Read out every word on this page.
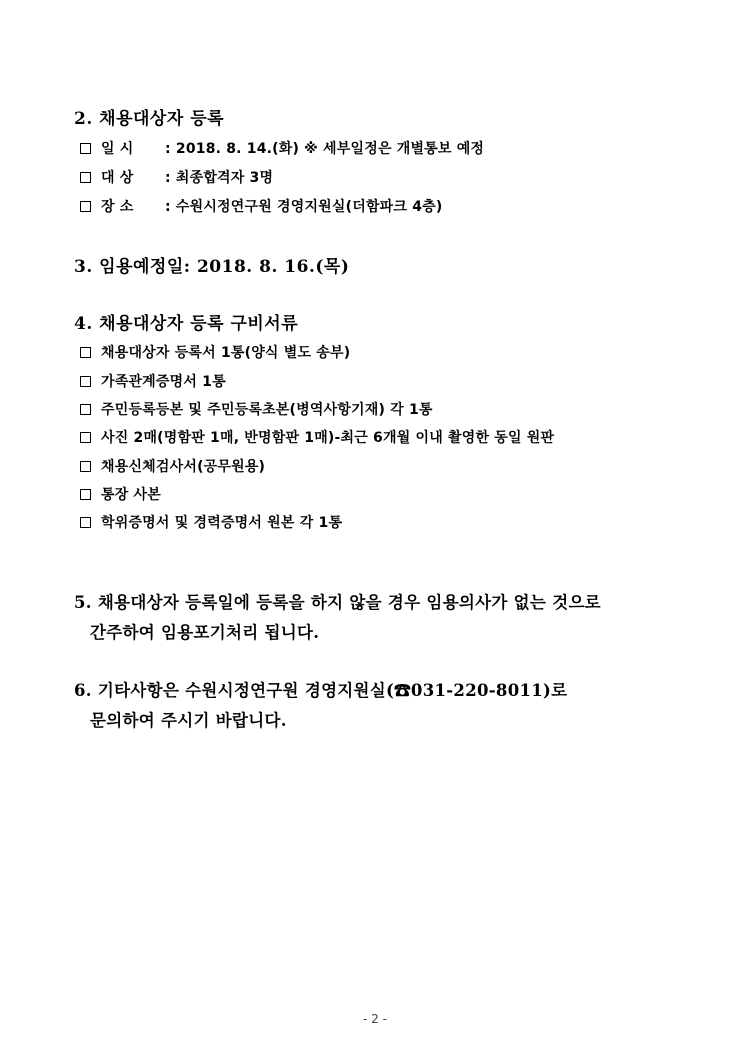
2. 채용대상자 등록
일 시 : 2018. 8. 14.(화) ※ 세부일정은 개별통보 예정
대 상 : 최종합격자 3명
장 소 : 수원시정연구원 경영지원실(더함파크 4층)
3. 임용예정일: 2018. 8. 16.(목)
4. 채용대상자 등록 구비서류
채용대상자 등록서 1통(양식 별도 송부)
가족관계증명서 1통
주민등록등본 및 주민등록초본(병역사항기재) 각 1통
사진 2매(명함판 1매, 반명함판 1매)-최근 6개월 이내 촬영한 동일 원판
채용신체검사서(공무원용)
통장 사본
학위증명서 및 경력증명서 원본 각 1통
5. 채용대상자 등록일에 등록을 하지 않을 경우 임용의사가 없는 것으로
간주하여 임용포기처리 됩니다.
6. 기타사항은 수원시정연구원 경영지원실(☎031-220-8011)로
문의하여 주시기 바랍니다.
- 2 -
